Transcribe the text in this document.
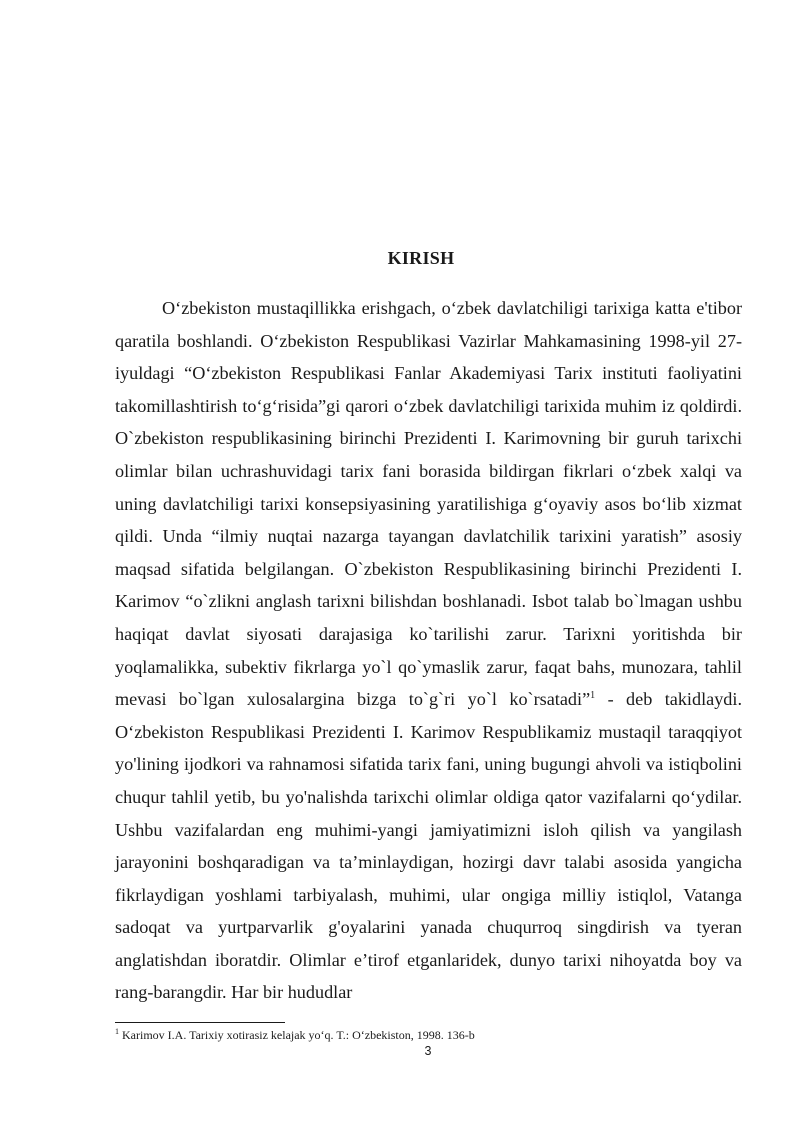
KIRISH

O‘zbekiston mustaqillikka erishgach, o‘zbek davlatchiligi tarixiga katta e'tibor qaratila boshlandi. O‘zbekiston Respublikasi Vazirlar Mahkamasining 1998-yil 27-iyuldagi “O‘zbekiston Respublikasi Fanlar Akademiyasi Tarix instituti faoliyatini takomillashtirish to‘g‘risida”gi qarori o‘zbek davlatchiligi tarixida muhim iz qoldirdi. O`zbekiston respublikasining birinchi Prezidenti I. Karimovning bir guruh tarixchi olimlar bilan uchrashuvidagi tarix fani borasida bildirgan fikrlari o‘zbek xalqi va uning davlatchiligi tarixi konsepsiyasining yaratilishiga g‘oyaviy asos bo‘lib xizmat qildi. Unda “ilmiy nuqtai nazarga tayangan davlatchilik tarixini yaratish” asosiy maqsad sifatida belgilangan. O`zbekiston Respublikasining birinchi Prezidenti I. Karimov “o`zlikni anglash tarixni bilishdan boshlanadi. Isbot talab bo`lmagan ushbu haqiqat davlat siyosati darajasiga ko`tarilishi zarur. Tarixni yoritishda bir yoqlamalikka, subektiv fikrlarga yo`l qo`ymaslik zarur, faqat bahs, munozara, tahlil mevasi bo`lgan xulosalargina bizga to`g`ri yo`l ko`rsatadi”$^1$ - deb takidlaydi. O‘zbekiston Respublikasi Prezidenti I. Karimov Respublikamiz mustaqil taraqqiyot yo'lining ijodkori va rahnamosi sifatida tarix fani, uning bugungi ahvoli va istiqbolini chuqur tahlil yetib, bu yo'nalishda tarixchi olimlar oldiga qator vazifalarni qo‘ydilar. Ushbu vazifalardan eng muhimi-yangi jamiyatimizni isloh qilish va yangilash jarayonini boshqaradigan va ta’minlaydigan, hozirgi davr talabi asosida yangicha fikrlaydigan yoshlami tarbiyalash, muhimi, ular ongiga milliy istiqlol, Vatanga sadoqat va yurtparvarlik g'oyalarini yanada chuqurroq singdirish va tyeran anglatishdan iboratdir. Olimlar e’tirof etganlaridek, dunyo tarixi nihoyatda boy va rang-barangdir. Har bir hududlar

$^1$ Karimov I.A. Tarixiy xotirasiz kelajak yo‘q. T.: O‘zbekiston, 1998. 136-b
3
